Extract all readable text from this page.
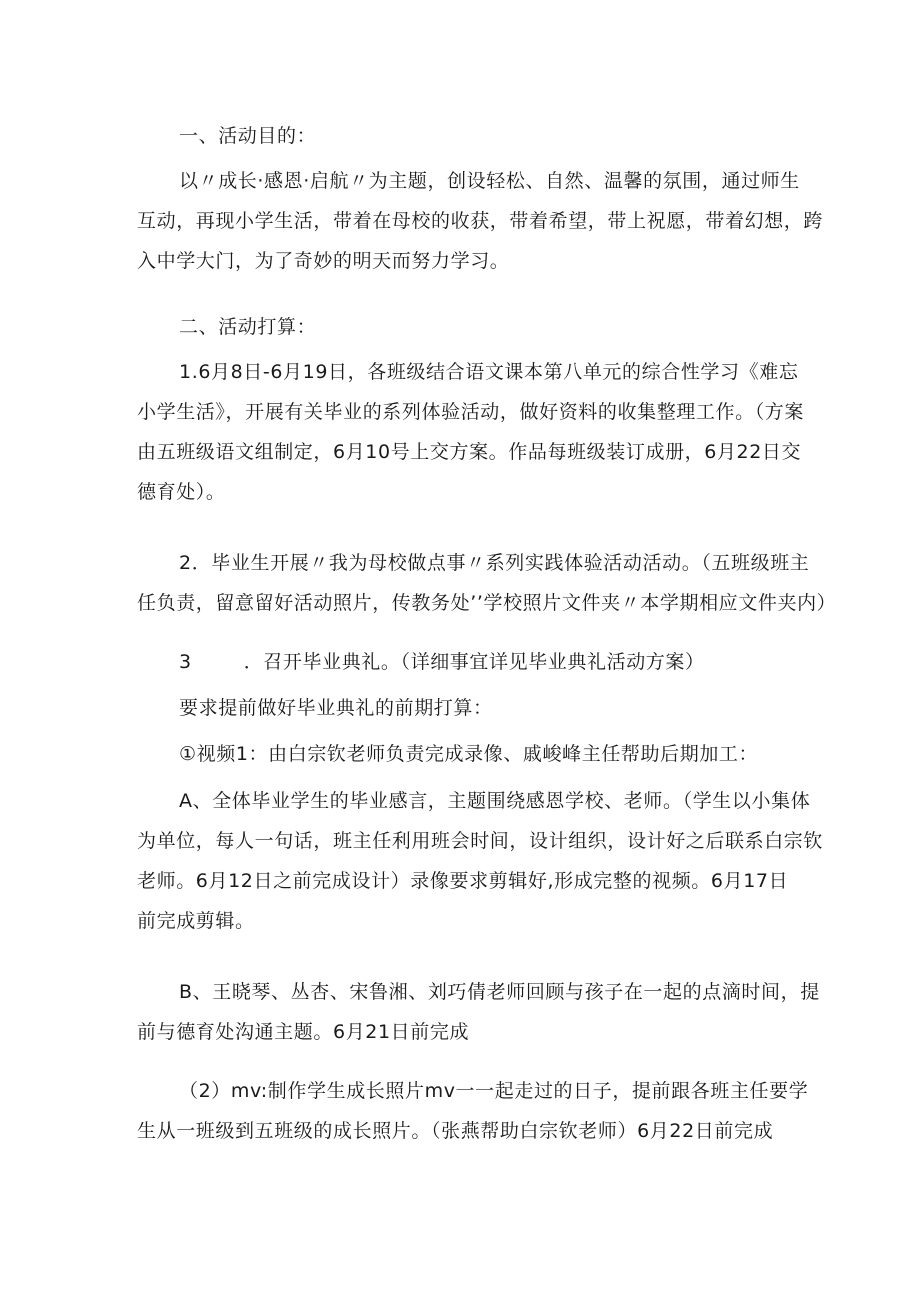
一、活动目的：

以〃成长·感恩·启航〃为主题，创设轻松、自然、温馨的氛围，通过师生
互动，再现小学生活，带着在母校的收获，带着希望，带上祝愿，带着幻想，跨
入中学大门，为了奇妙的明天而努力学习。

二、活动打算：

1.6月8日-6月19日，各班级结合语文课本第八单元的综合性学习《难忘
小学生活》，开展有关毕业的系列体验活动，做好资料的收集整理工作。（方案
由五班级语文组制定，6月10号上交方案。作品每班级装订成册，6月22日交
德育处）。

2．毕业生开展〃我为母校做点事〃系列实践体验活动活动。（五班级班主
任负责，留意留好活动照片，传教务处’’学校照片文件夹〃本学期相应文件夹内）

3	．召开毕业典礼。（详细事宜详见毕业典礼活动方案）

要求提前做好毕业典礼的前期打算：

①视频1：由白宗钦老师负责完成录像、戚峻峰主任帮助后期加工：

A、全体毕业学生的毕业感言，主题围绕感恩学校、老师。（学生以小集体
为单位，每人一句话，班主任利用班会时间，设计组织，设计好之后联系白宗钦
老师。6月12日之前完成设计）录像要求剪辑好,形成完整的视频。6月17日
前完成剪辑。

B、王晓琴、丛杏、宋鲁湘、刘巧倩老师回顾与孩子在一起的点滴时间，提
前与德育处沟通主题。6月21日前完成

（2）mv:制作学生成长照片mv一一起走过的日子，提前跟各班主任要学
生从一班级到五班级的成长照片。（张燕帮助白宗钦老师）6月22日前完成
